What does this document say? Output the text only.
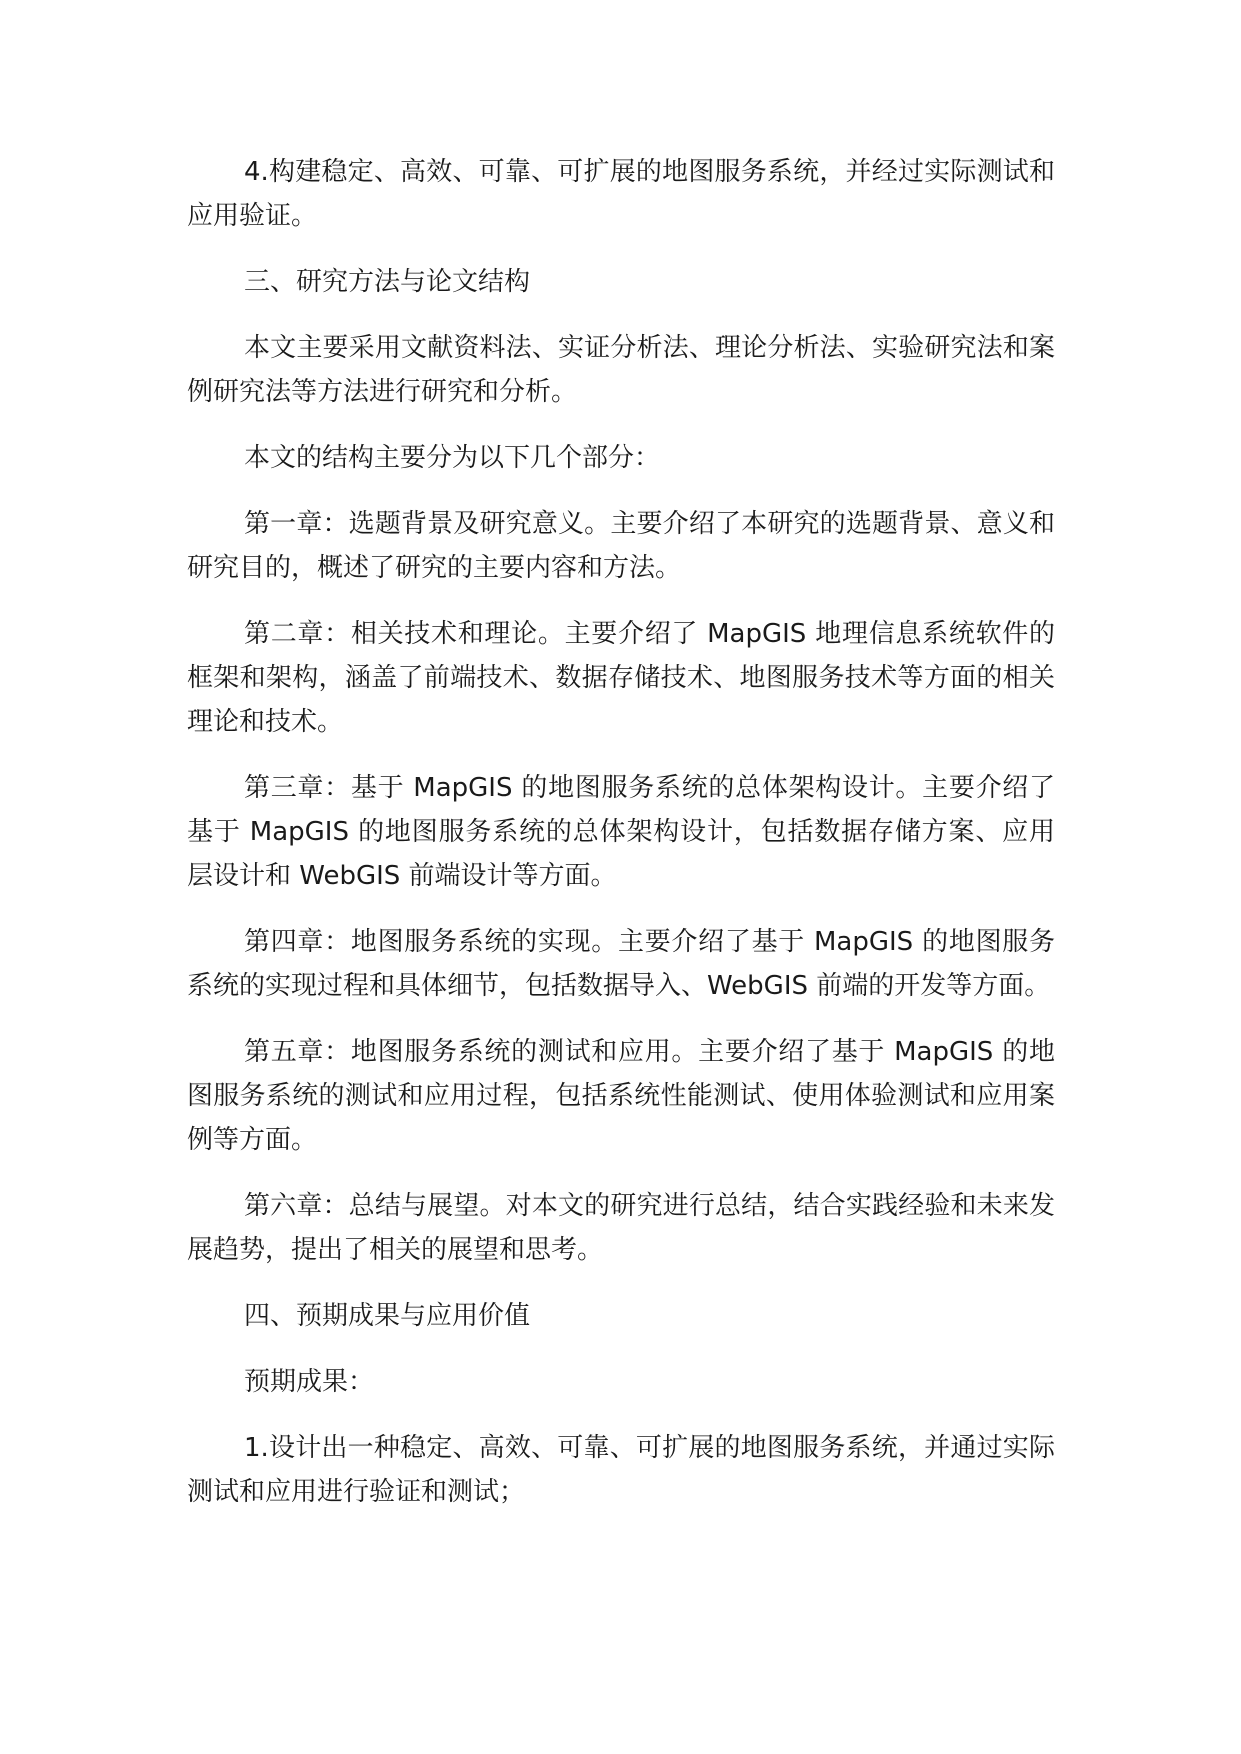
4.构建稳定、高效、可靠、可扩展的地图服务系统，并经过实际测试和应用验证。

三、研究方法与论文结构

本文主要采用文献资料法、实证分析法、理论分析法、实验研究法和案例研究法等方法进行研究和分析。

本文的结构主要分为以下几个部分：

第一章：选题背景及研究意义。主要介绍了本研究的选题背景、意义和研究目的，概述了研究的主要内容和方法。

第二章：相关技术和理论。主要介绍了 MapGIS 地理信息系统软件的框架和架构，涵盖了前端技术、数据存储技术、地图服务技术等方面的相关理论和技术。

第三章：基于 MapGIS 的地图服务系统的总体架构设计。主要介绍了基于 MapGIS 的地图服务系统的总体架构设计，包括数据存储方案、应用层设计和 WebGIS 前端设计等方面。

第四章：地图服务系统的实现。主要介绍了基于 MapGIS 的地图服务系统的实现过程和具体细节，包括数据导入、WebGIS 前端的开发等方面。

第五章：地图服务系统的测试和应用。主要介绍了基于 MapGIS 的地图服务系统的测试和应用过程，包括系统性能测试、使用体验测试和应用案例等方面。

第六章：总结与展望。对本文的研究进行总结，结合实践经验和未来发展趋势，提出了相关的展望和思考。

四、预期成果与应用价值

预期成果：

1.设计出一种稳定、高效、可靠、可扩展的地图服务系统，并通过实际测试和应用进行验证和测试；
